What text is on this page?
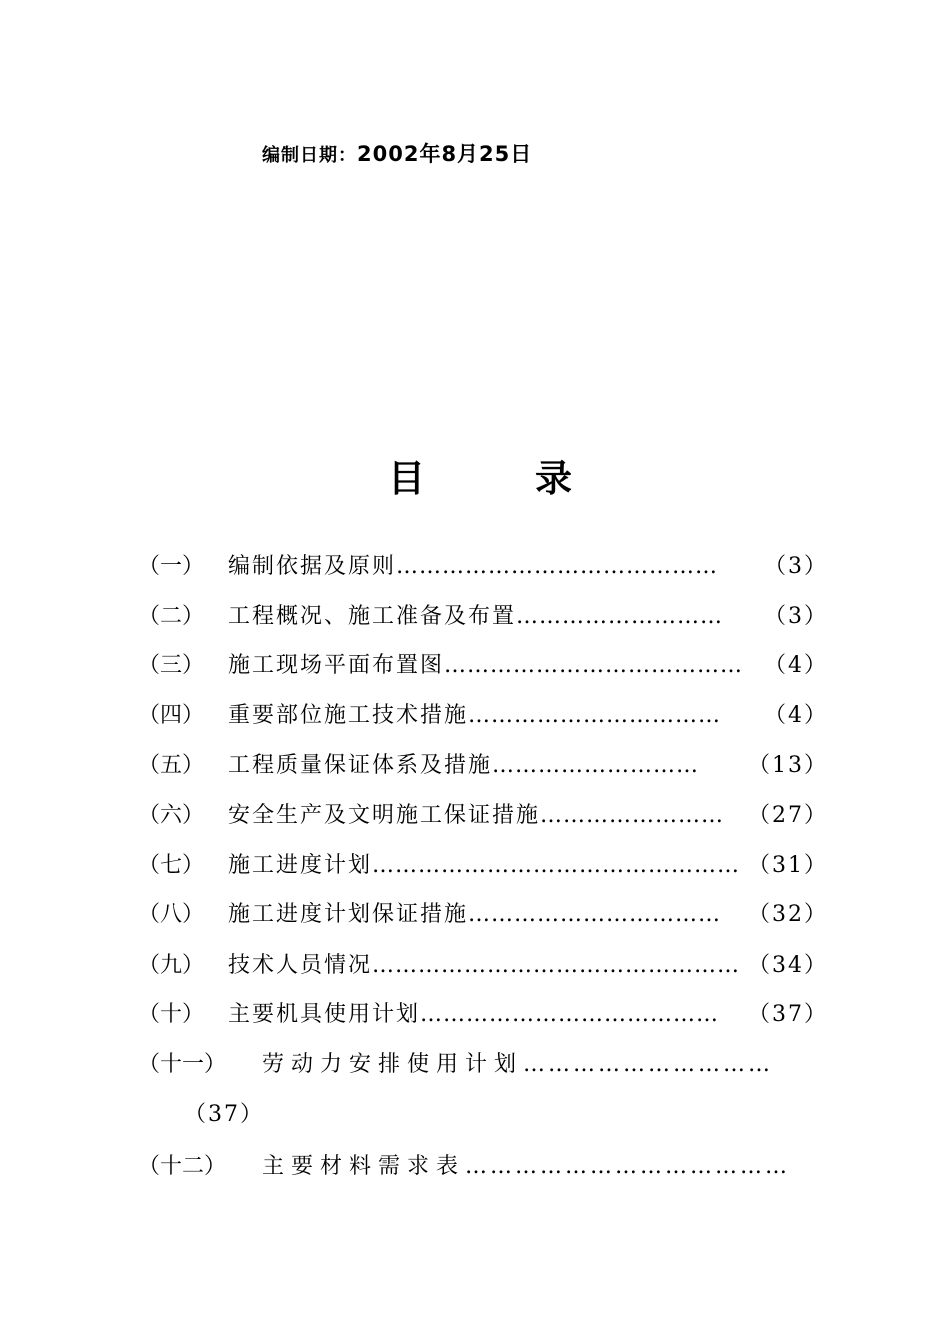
编制日期：2002年8月25日
目	录
（一） 编制依据及原则…………………………………… （3）
（二） 工程概况、施工准备及布置……………………… （3）
（三） 施工现场平面布置图………………………………… （4）
（四） 重要部位施工技术措施…………………………… （4）
（五） 工程质量保证体系及措施……………………… （13）
（六） 安全生产及文明施工保证措施…………………… （27）
（七） 施工进度计划………………………………………… （31）
（八） 施工进度计划保证措施…………………………… （32）
（九） 技术人员情况………………………………………… （34）
（十） 主要机具使用计划………………………………… （37）
（十一） 劳动力安排使用计划…………………………
（37）
（十二） 主要材料需求表…………………………………
